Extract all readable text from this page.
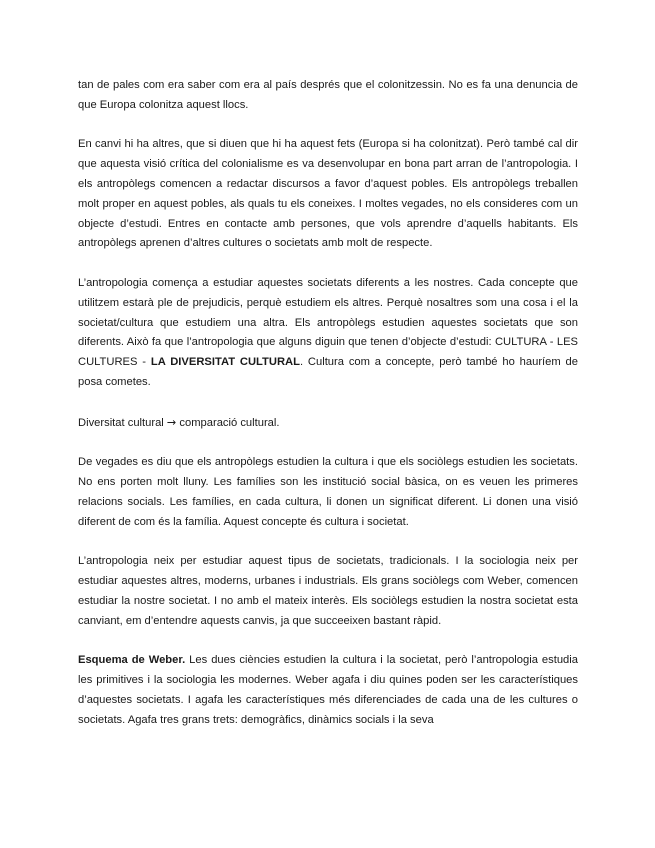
tan de pales com era saber com era al país després que el colonitzessin. No es fa una denuncia de que Europa colonitza aquest llocs.

En canvi hi ha altres, que si diuen que hi ha aquest fets (Europa si ha colonitzat). Però també cal dir que aquesta visió crítica del colonialisme es va desenvolupar en bona part arran de l’antropologia. I els antropòlegs comencen a redactar discursos a favor d’aquest pobles. Els antropòlegs treballen molt proper en aquest pobles, als quals tu els coneixes. I moltes vegades, no els consideres com un objecte d’estudi. Entres en contacte amb persones, que vols aprendre d’aquells habitants. Els antropòlegs aprenen d’altres cultures o societats amb molt de respecte.

L’antropologia comença a estudiar aquestes societats diferents a les nostres. Cada concepte que utilitzem estarà ple de prejudicis, perquè estudiem els altres. Perquè nosaltres som una cosa i el la societat/cultura que estudiem una altra. Els antropòlegs estudien aquestes societats que son diferents. Això fa que l’antropologia que alguns diguin que tenen d’objecte d’estudi: CULTURA - LES CULTURES - LA DIVERSITAT CULTURAL. Cultura com a concepte, però també ho hauríem de posa cometes.

Diversitat cultural → comparació cultural.

De vegades es diu que els antropòlegs estudien la cultura i que els sociòlegs estudien les societats. No ens porten molt lluny. Les famílies son les institució social bàsica, on es veuen les primeres relacions socials. Les famílies, en cada cultura, li donen un significat diferent. Li donen una visió diferent de com és la família. Aquest concepte és cultura i societat.

L’antropologia neix per estudiar aquest tipus de societats, tradicionals. I la sociologia neix per estudiar aquestes altres, moderns, urbanes i industrials. Els grans sociòlegs com Weber, comencen estudiar la nostre societat. I no amb el mateix interès. Els sociòlegs estudien la nostra societat esta canviant, em d’entendre aquests canvis, ja que succeeixen bastant ràpid.

Esquema de Weber. Les dues ciències estudien la cultura i la societat, però l’antropologia estudia les primitives i la sociologia les modernes. Weber agafa i diu quines poden ser les característiques d’aquestes societats. I agafa les característiques més diferenciades de cada una de les cultures o societats. Agafa tres grans trets: demogràfics, dinàmics socials i la seva
